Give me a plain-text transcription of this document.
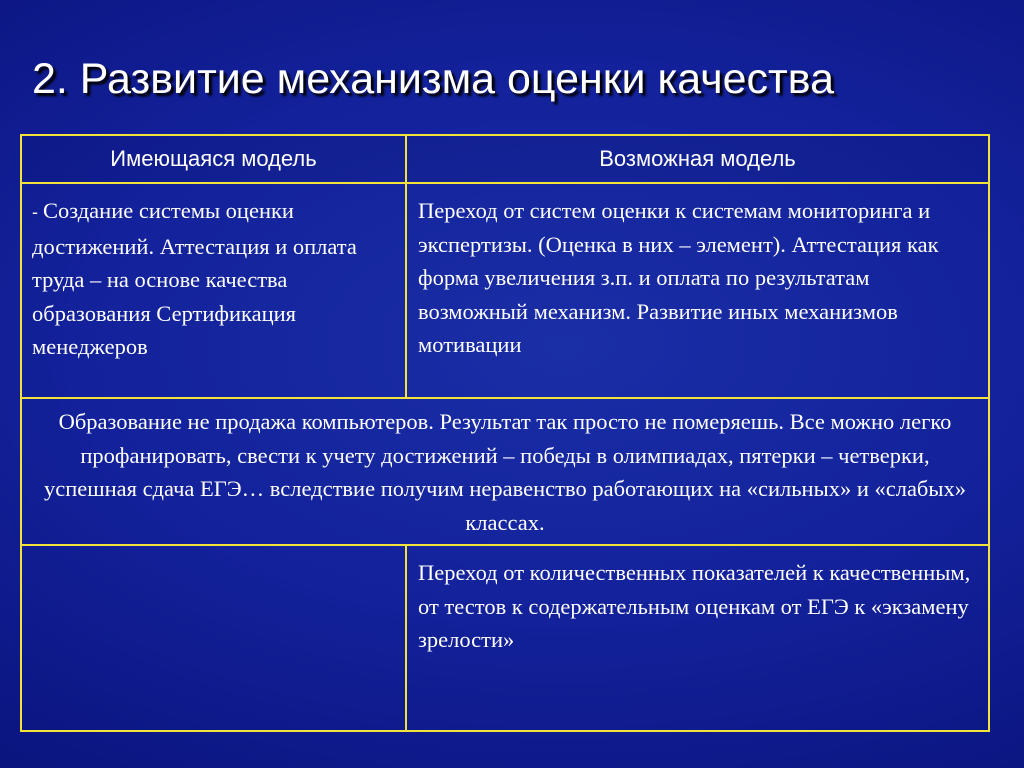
2. Развитие механизма оценки качества
Имеющаяся модель	Возможная модель
- Создание системы оценки достижений. Аттестация и оплата труда – на основе качества образования Сертификация менеджеров
Переход от систем оценки к системам мониторинга и экспертизы. (Оценка в них – элемент). Аттестация как форма увеличения з.п. и оплата по результатам возможный механизм. Развитие иных механизмов мотивации
Образование не продажа компьютеров. Результат так просто не померяешь. Все можно легко профанировать, свести к учету достижений – победы в олимпиадах, пятерки – четверки, успешная сдача ЕГЭ… вследствие получим неравенство работающих на «сильных» и «слабых» классах.
Переход от количественных показателей к качественным, от тестов к содержательным оценкам от ЕГЭ к «экзамену зрелости»
